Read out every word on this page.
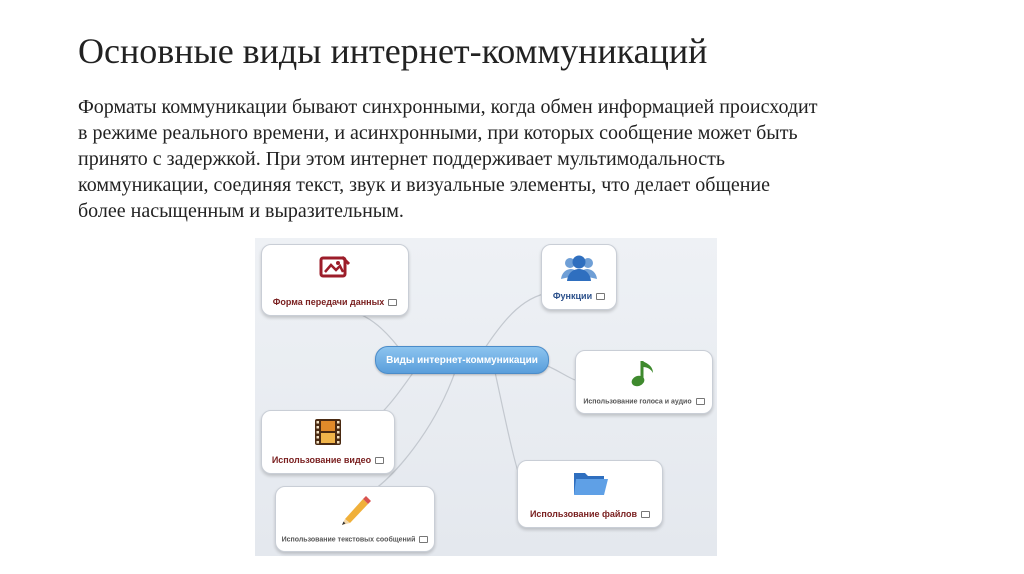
Основные виды интернет-коммуникаций

Форматы коммуникации бывают синхронными, когда обмен информацией происходит
в режиме реального времени, и асинхронными, при которых сообщение может быть
принято с задержкой. При этом интернет поддерживает мультимодальность
коммуникации, соединяя текст, звук и визуальные элементы, что делает общение
более насыщенным и выразительным.

Виды интернет-коммуникации
Форма передачи данных
Функции
Использование голоса и аудио
Использование видео
Использование файлов
Использование текстовых сообщений
